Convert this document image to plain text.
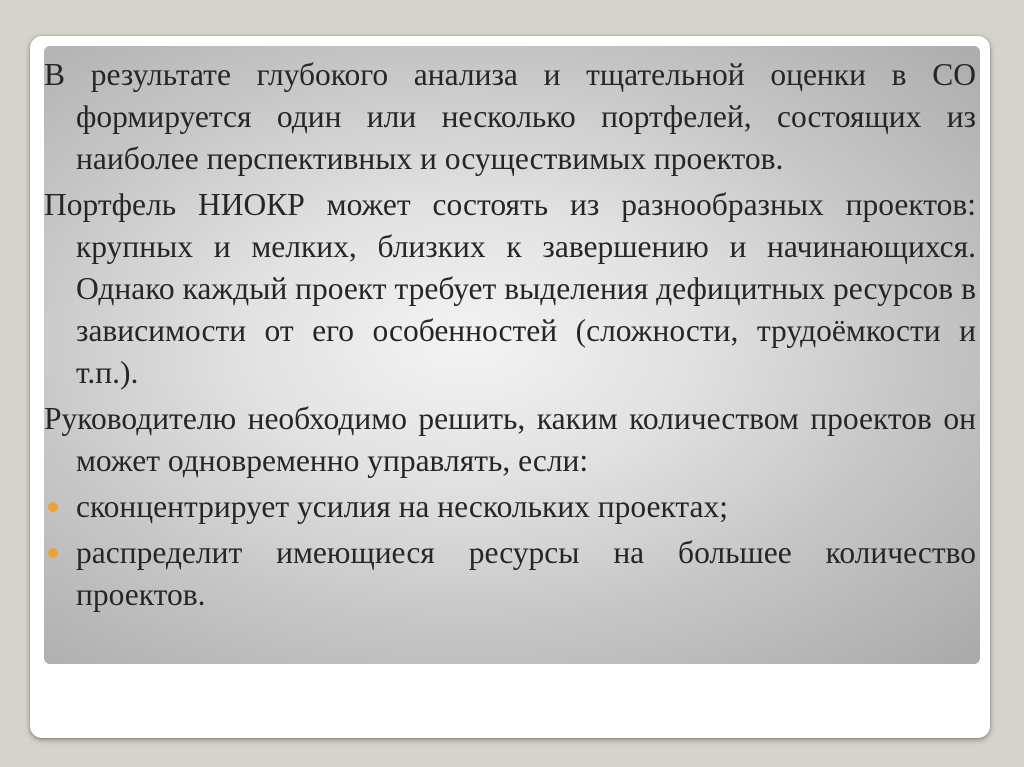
В результате глубокого анализа и тщательной оценки в СО формируется один или несколько портфелей, состоящих из наиболее перспективных и осуществимых проектов.

Портфель НИОКР может состоять из разнообразных проектов: крупных и мелких, близких к завершению и начинающихся. Однако каждый проект требует выделения дефицитных ресурсов в зависимости от его особенностей (сложности, трудоёмкости и т.п.).

Руководителю необходимо решить, каким количеством проектов он может одновременно управлять, если:

сконцентрирует усилия на нескольких проектах;
распределит имеющиеся ресурсы на большее количество проектов.
